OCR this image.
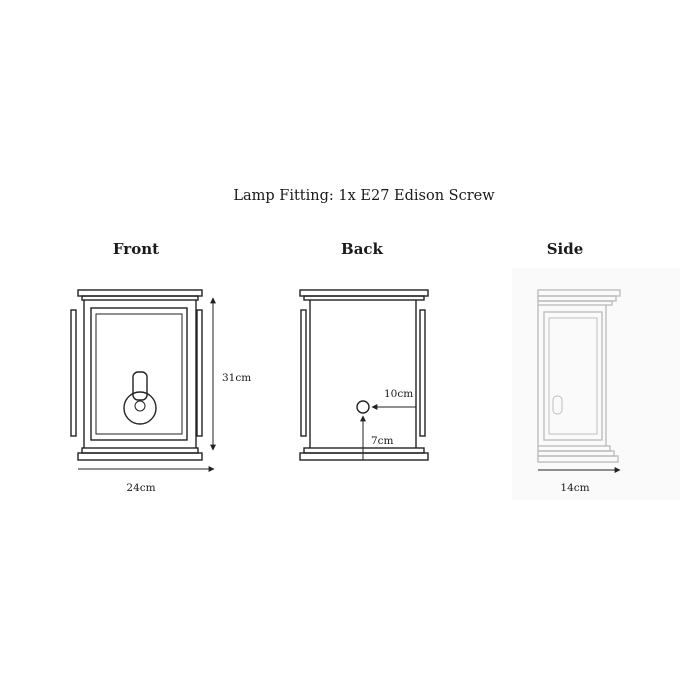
Lamp Fitting: 1x E27 Edison Screw
Front	Back	Side
31cm
24cm
10cm
7cm
14cm
